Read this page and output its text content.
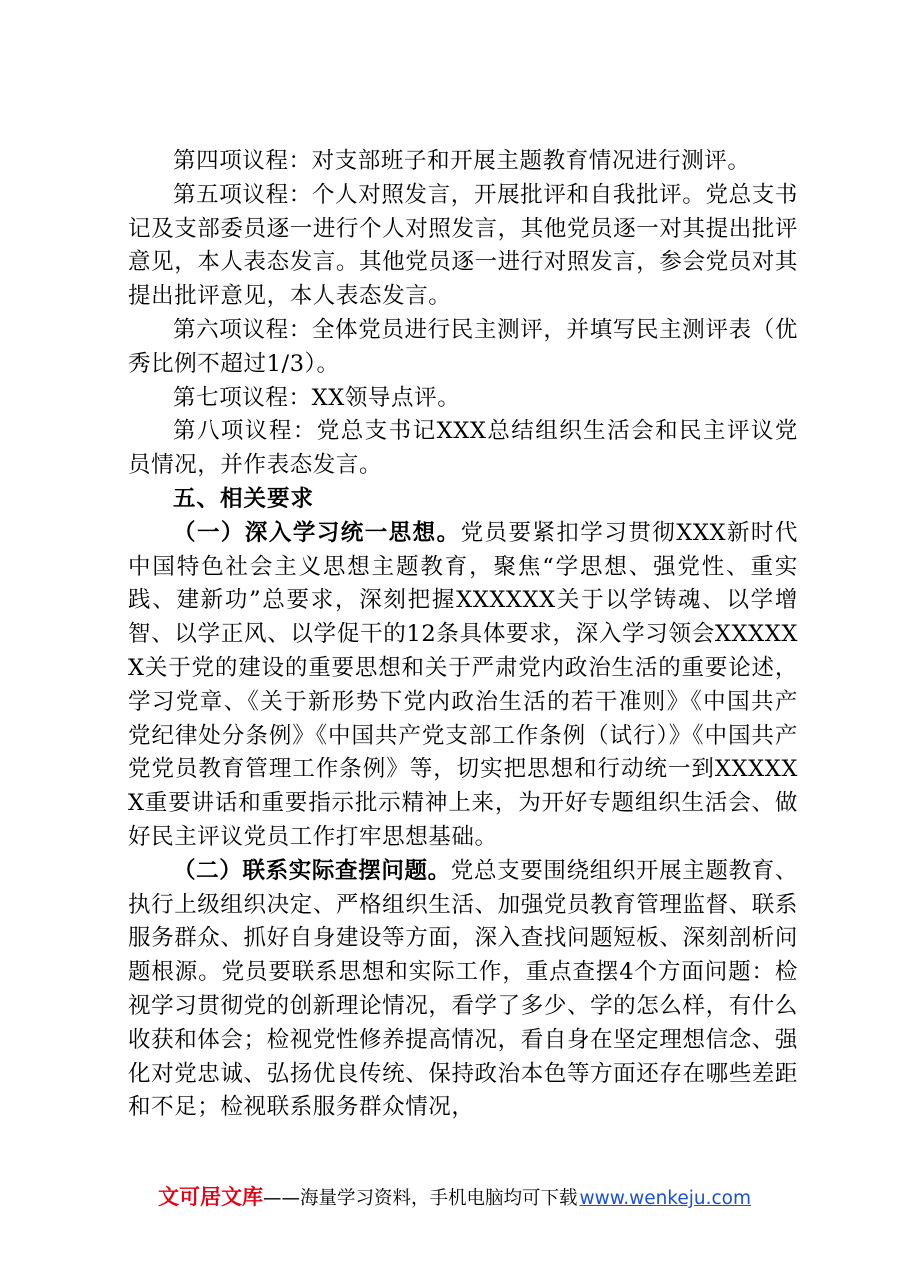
第四项议程：对支部班子和开展主题教育情况进行测评。

第五项议程：个人对照发言，开展批评和自我批评。党总支书记及支部委员逐一进行个人对照发言，其他党员逐一对其提出批评意见，本人表态发言。其他党员逐一进行对照发言，参会党员对其提出批评意见，本人表态发言。

第六项议程：全体党员进行民主测评，并填写民主测评表（优秀比例不超过1/3）。

第七项议程：XX领导点评。

第八项议程：党总支书记XXX总结组织生活会和民主评议党员情况，并作表态发言。

五、相关要求

（一）深入学习统一思想。党员要紧扣学习贯彻XXX新时代中国特色社会主义思想主题教育，聚焦“学思想、强党性、重实践、建新功”总要求，深刻把握XXXXXX关于以学铸魂、以学增智、以学正风、以学促干的12条具体要求，深入学习领会XXXXXX关于党的建设的重要思想和关于严肃党内政治生活的重要论述，学习党章、《关于新形势下党内政治生活的若干准则》《中国共产党纪律处分条例》《中国共产党支部工作条例（试行）》《中国共产党党员教育管理工作条例》等，切实把思想和行动统一到XXXXXX重要讲话和重要指示批示精神上来，为开好专题组织生活会、做好民主评议党员工作打牢思想基础。

（二）联系实际查摆问题。党总支要围绕组织开展主题教育、执行上级组织决定、严格组织生活、加强党员教育管理监督、联系服务群众、抓好自身建设等方面，深入查找问题短板、深刻剖析问题根源。党员要联系思想和实际工作，重点查摆4个方面问题：检视学习贯彻党的创新理论情况，看学了多少、学的怎么样，有什么收获和体会；检视党性修养提高情况，看自身在坚定理想信念、强化对党忠诚、弘扬优良传统、保持政治本色等方面还存在哪些差距和不足；检视联系服务群众情况，

文可居文库——海量学习资料，手机电脑均可下载 www.wenkeju.com
